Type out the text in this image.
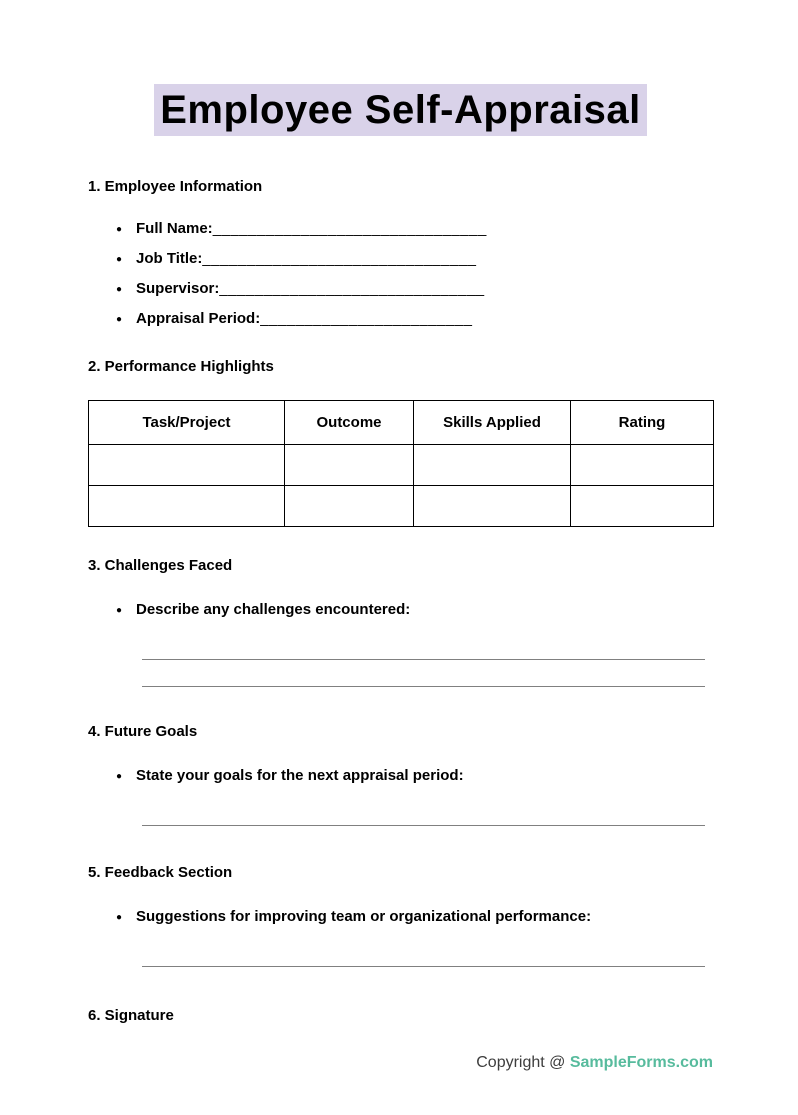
Employee Self-Appraisal
1. Employee Information
● Full Name: _______________________________
● Job Title: _______________________________
● Supervisor: ______________________________
● Appraisal Period: ________________________
2. Performance Highlights
Task/Project	Outcome	Skills Applied	Rating

3. Challenges Faced
● Describe any challenges encountered:
4. Future Goals
● State your goals for the next appraisal period:
5. Feedback Section
● Suggestions for improving team or organizational performance:
6. Signature
Copyright @ SampleForms.com
